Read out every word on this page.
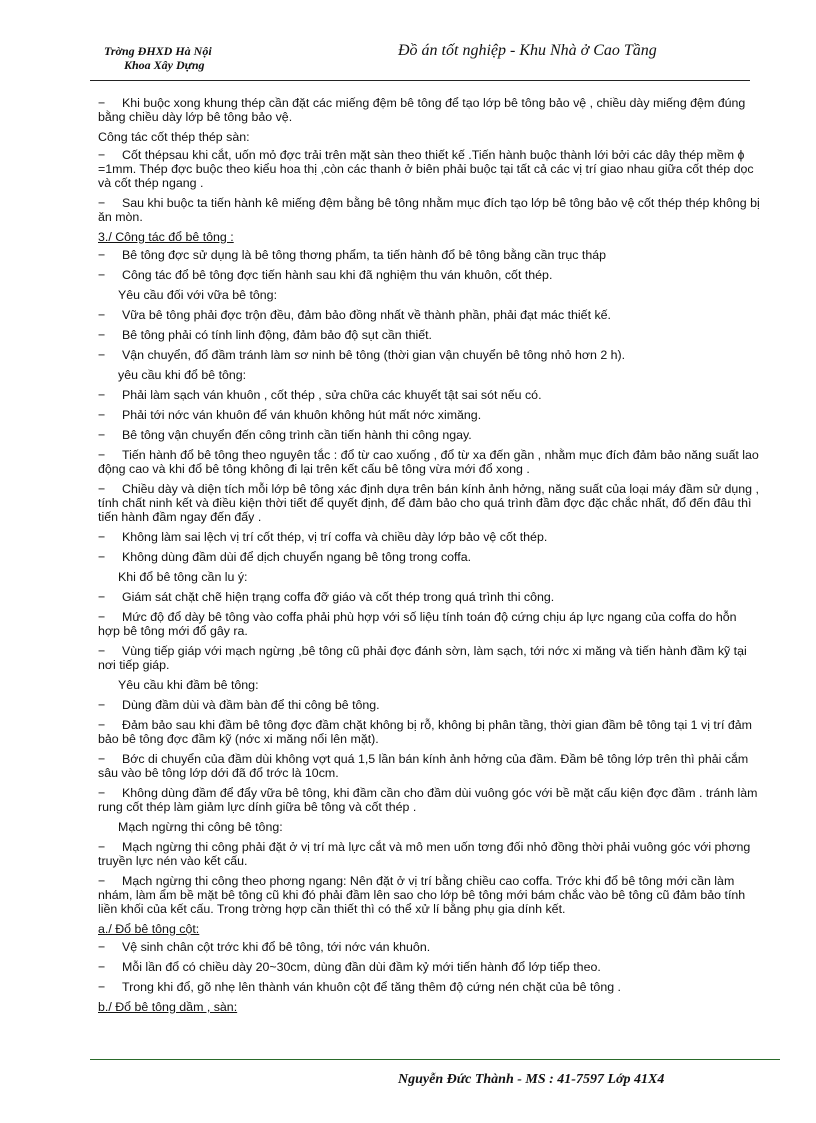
Trờng ĐHXD Hà Nội
Khoa Xây Dựng
Đồ án tốt nghiệp - Khu Nhà ở Cao Tầng
− Khi buộc xong khung thép cần đặt các miếng đệm bê tông để tạo lớp bê tông bảo vệ , chiều dày miếng đệm đúng bằng chiều dày lớp bê tông bảo vệ.
Công tác cốt thép thép sàn:
− Cốt thépsau khi cắt, uốn mỏ đợc trải trên mặt sàn theo thiết kế .Tiến hành buộc thành lới bởi các dây thép mềm ϕ =1mm. Thép đợc buộc theo kiểu hoa thị ,còn các thanh ở biên phải buộc tại tất cả các vị trí giao nhau giữa cốt thép dọc và cốt thép ngang .
− Sau khi buộc ta tiến hành kê miếng đệm bằng bê tông nhằm mục đích tạo lớp bê tông bảo vệ cốt thép thép không bị ăn mòn.
3./ Công tác đổ bê tông :
− Bê tông đợc sử dụng là bê tông thơng phẩm, ta tiến hành đổ bê tông bằng cần trục tháp
− Công tác đổ bê tông đợc tiến hành sau khi đã nghiệm thu ván khuôn, cốt thép.
Yêu cầu đối với vữa bê tông:
− Vữa bê tông phải đợc trộn đều, đảm bảo đồng nhất về thành phần, phải đạt mác thiết kế.
− Bê tông phải có tính linh động, đảm bảo độ sụt cần thiết.
− Vận chuyển, đổ đầm tránh làm sơ ninh bê tông (thời gian vận chuyển bê tông nhỏ hơn 2 h).
yêu cầu khi đổ bê tông:
− Phải làm sạch ván khuôn , cốt thép , sửa chữa các khuyết tật sai sót nếu có.
− Phải tới nớc ván khuôn để ván khuôn không hút mất nớc ximăng.
− Bê tông vận chuyển đến công trình cần tiến hành thi công ngay.
− Tiến hành đổ bê tông theo nguyên tắc : đổ từ cao xuống , đổ từ xa đến gần , nhằm mục đích đảm bảo năng suất lao động cao và khi đổ bê tông không đi lại trên kết cấu bê tông vừa mới đổ xong .
− Chiều dày và diện tích mỗi lớp bê tông xác định dựa trên bán kính ảnh hởng, năng suất của loại máy đầm sử dụng , tính chất ninh kết và điều kiện thời tiết để quyết định, để đảm bảo cho quá trình đầm đợc đặc chắc nhất, đổ đến đâu thì tiến hành đầm ngay đến đấy .
− Không làm sai lệch vị trí cốt thép, vị trí coffa và chiều dày lớp bảo vệ cốt thép.
− Không dùng đầm dùi để dịch chuyển ngang bê tông trong coffa.
Khi đổ bê tông cần lu ý:
− Giám sát chặt chẽ hiện trạng coffa đỡ giáo và cốt thép trong quá trình thi công.
− Mức độ đổ dày bê tông vào coffa phải phù hợp với số liệu tính toán độ cứng chịu áp lực ngang của coffa do hỗn hợp bê tông mới đổ gây ra.
− Vùng tiếp giáp với mạch ngừng ,bê tông cũ phải đợc đánh sờn, làm sạch, tới nớc xi măng và tiến hành đầm kỹ tại nơi tiếp giáp.
Yêu cầu khi đầm bê tông:
− Dùng đầm dùi và đầm bàn để thi công bê tông.
− Đảm bảo sau khi đầm bê tông đợc đầm chặt không bị rỗ, không bị phân tầng, thời gian đầm bê tông tại 1 vị trí đảm bảo bê tông đợc đầm kỹ (nớc xi măng nổi lên mặt).
− Bớc di chuyển của đầm dùi không vợt quá 1,5 lần bán kính ảnh hởng của đầm. Đầm bê tông lớp trên thì phải cắm sâu vào bê tông lớp dới đã đổ trớc là 10cm.
− Không dùng đầm để đẩy vữa bê tông, khi đầm cần cho đầm dùi vuông góc với bề mặt cấu kiện đợc đầm . tránh làm rung cốt thép làm giảm lực dính giữa bê tông và cốt thép .
Mạch ngừng thi công bê tông:
− Mạch ngừng thi công phải đặt ở vị trí mà lực cắt và mô men uốn tơng đối nhỏ đồng thời phải vuông góc với phơng truyền lực nén vào kết cấu.
− Mạch ngừng thi công theo phơng ngang: Nên đặt ở vị trí bằng chiều cao coffa. Trớc khi đổ bê tông mới cần làm nhám, làm ẩm bề mặt bê tông cũ khi đó phải đầm lên sao cho lớp bê tông mới bám chắc vào bê tông cũ đảm bảo tính liền khối của kết cấu. Trong trờng hợp cần thiết thì có thể xử lí bằng phụ gia dính kết.
a./ Đổ bê tông cột:
− Vệ sinh chân cột trớc khi đổ bê tông, tới nớc ván khuôn.
− Mỗi lần đổ có chiều dày 20~30cm, dùng đần dùi đầm kỷ mới tiến hành đổ lớp tiếp theo.
− Trong khi đổ, gõ nhẹ lên thành ván khuôn cột để tăng thêm độ cứng nén chặt của bê tông .
b./ Đổ bê tông dầm , sàn:
Nguyễn Đức Thành - MS : 41-7597 Lớp 41X4
